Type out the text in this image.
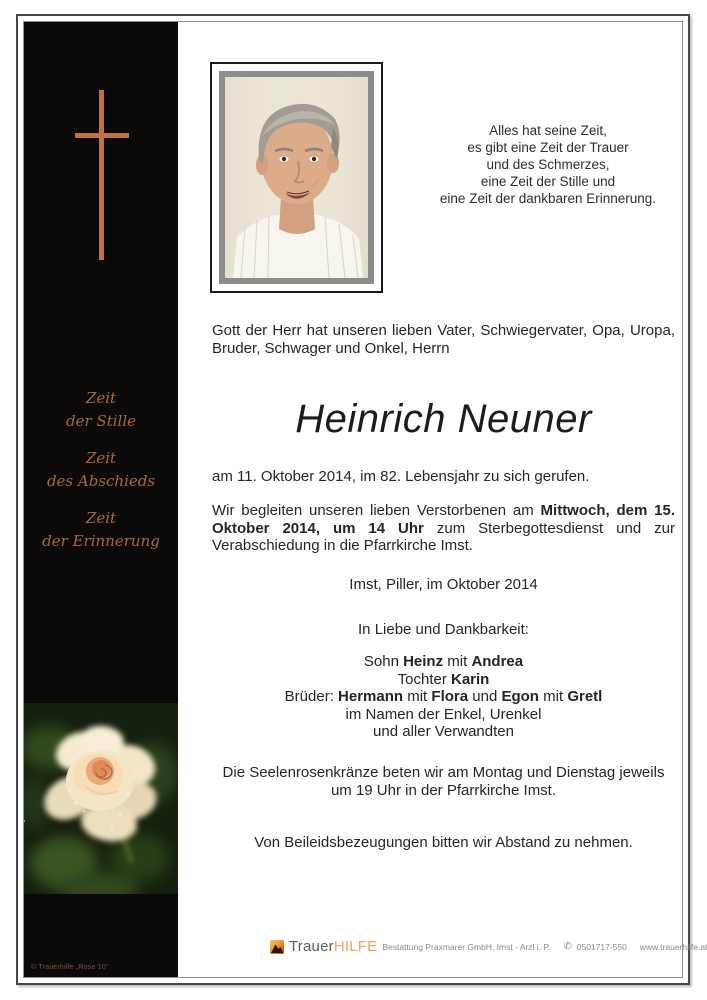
Zeit
der Stille
Zeit
des Abschieds
Zeit
der Erinnerung
© Trauerhilfe „Rose 10“
Alles hat seine Zeit,
es gibt eine Zeit der Trauer
und des Schmerzes,
eine Zeit der Stille und
eine Zeit der dankbaren Erinnerung.
Gott der Herr hat unseren lieben Vater, Schwiegervater, Opa, Uropa, Bruder, Schwager und Onkel, Herrn
Heinrich Neuner
am 11. Oktober 2014, im 82. Lebensjahr zu sich gerufen.
Wir begleiten unseren lieben Verstorbenen am Mittwoch, dem 15. Oktober 2014, um 14 Uhr zum Sterbegottesdienst und zur Verabschiedung in die Pfarrkirche Imst.
Imst, Piller, im Oktober 2014
In Liebe und Dankbarkeit:
Sohn Heinz mit Andrea
Tochter Karin
Brüder: Hermann mit Flora und Egon mit Gretl
im Namen der Enkel, Urenkel
und aller Verwandten
Die Seelenrosenkränze beten wir am Montag und Dienstag jeweils um 19 Uhr in der Pfarrkirche Imst.
Von Beileidsbezeugungen bitten wir Abstand zu nehmen.
TrauerHILFE Bestattung Praxmarer GmbH, Imst - Arzl i. P. ✆ 0501717-550 www.trauerhilfe.at
